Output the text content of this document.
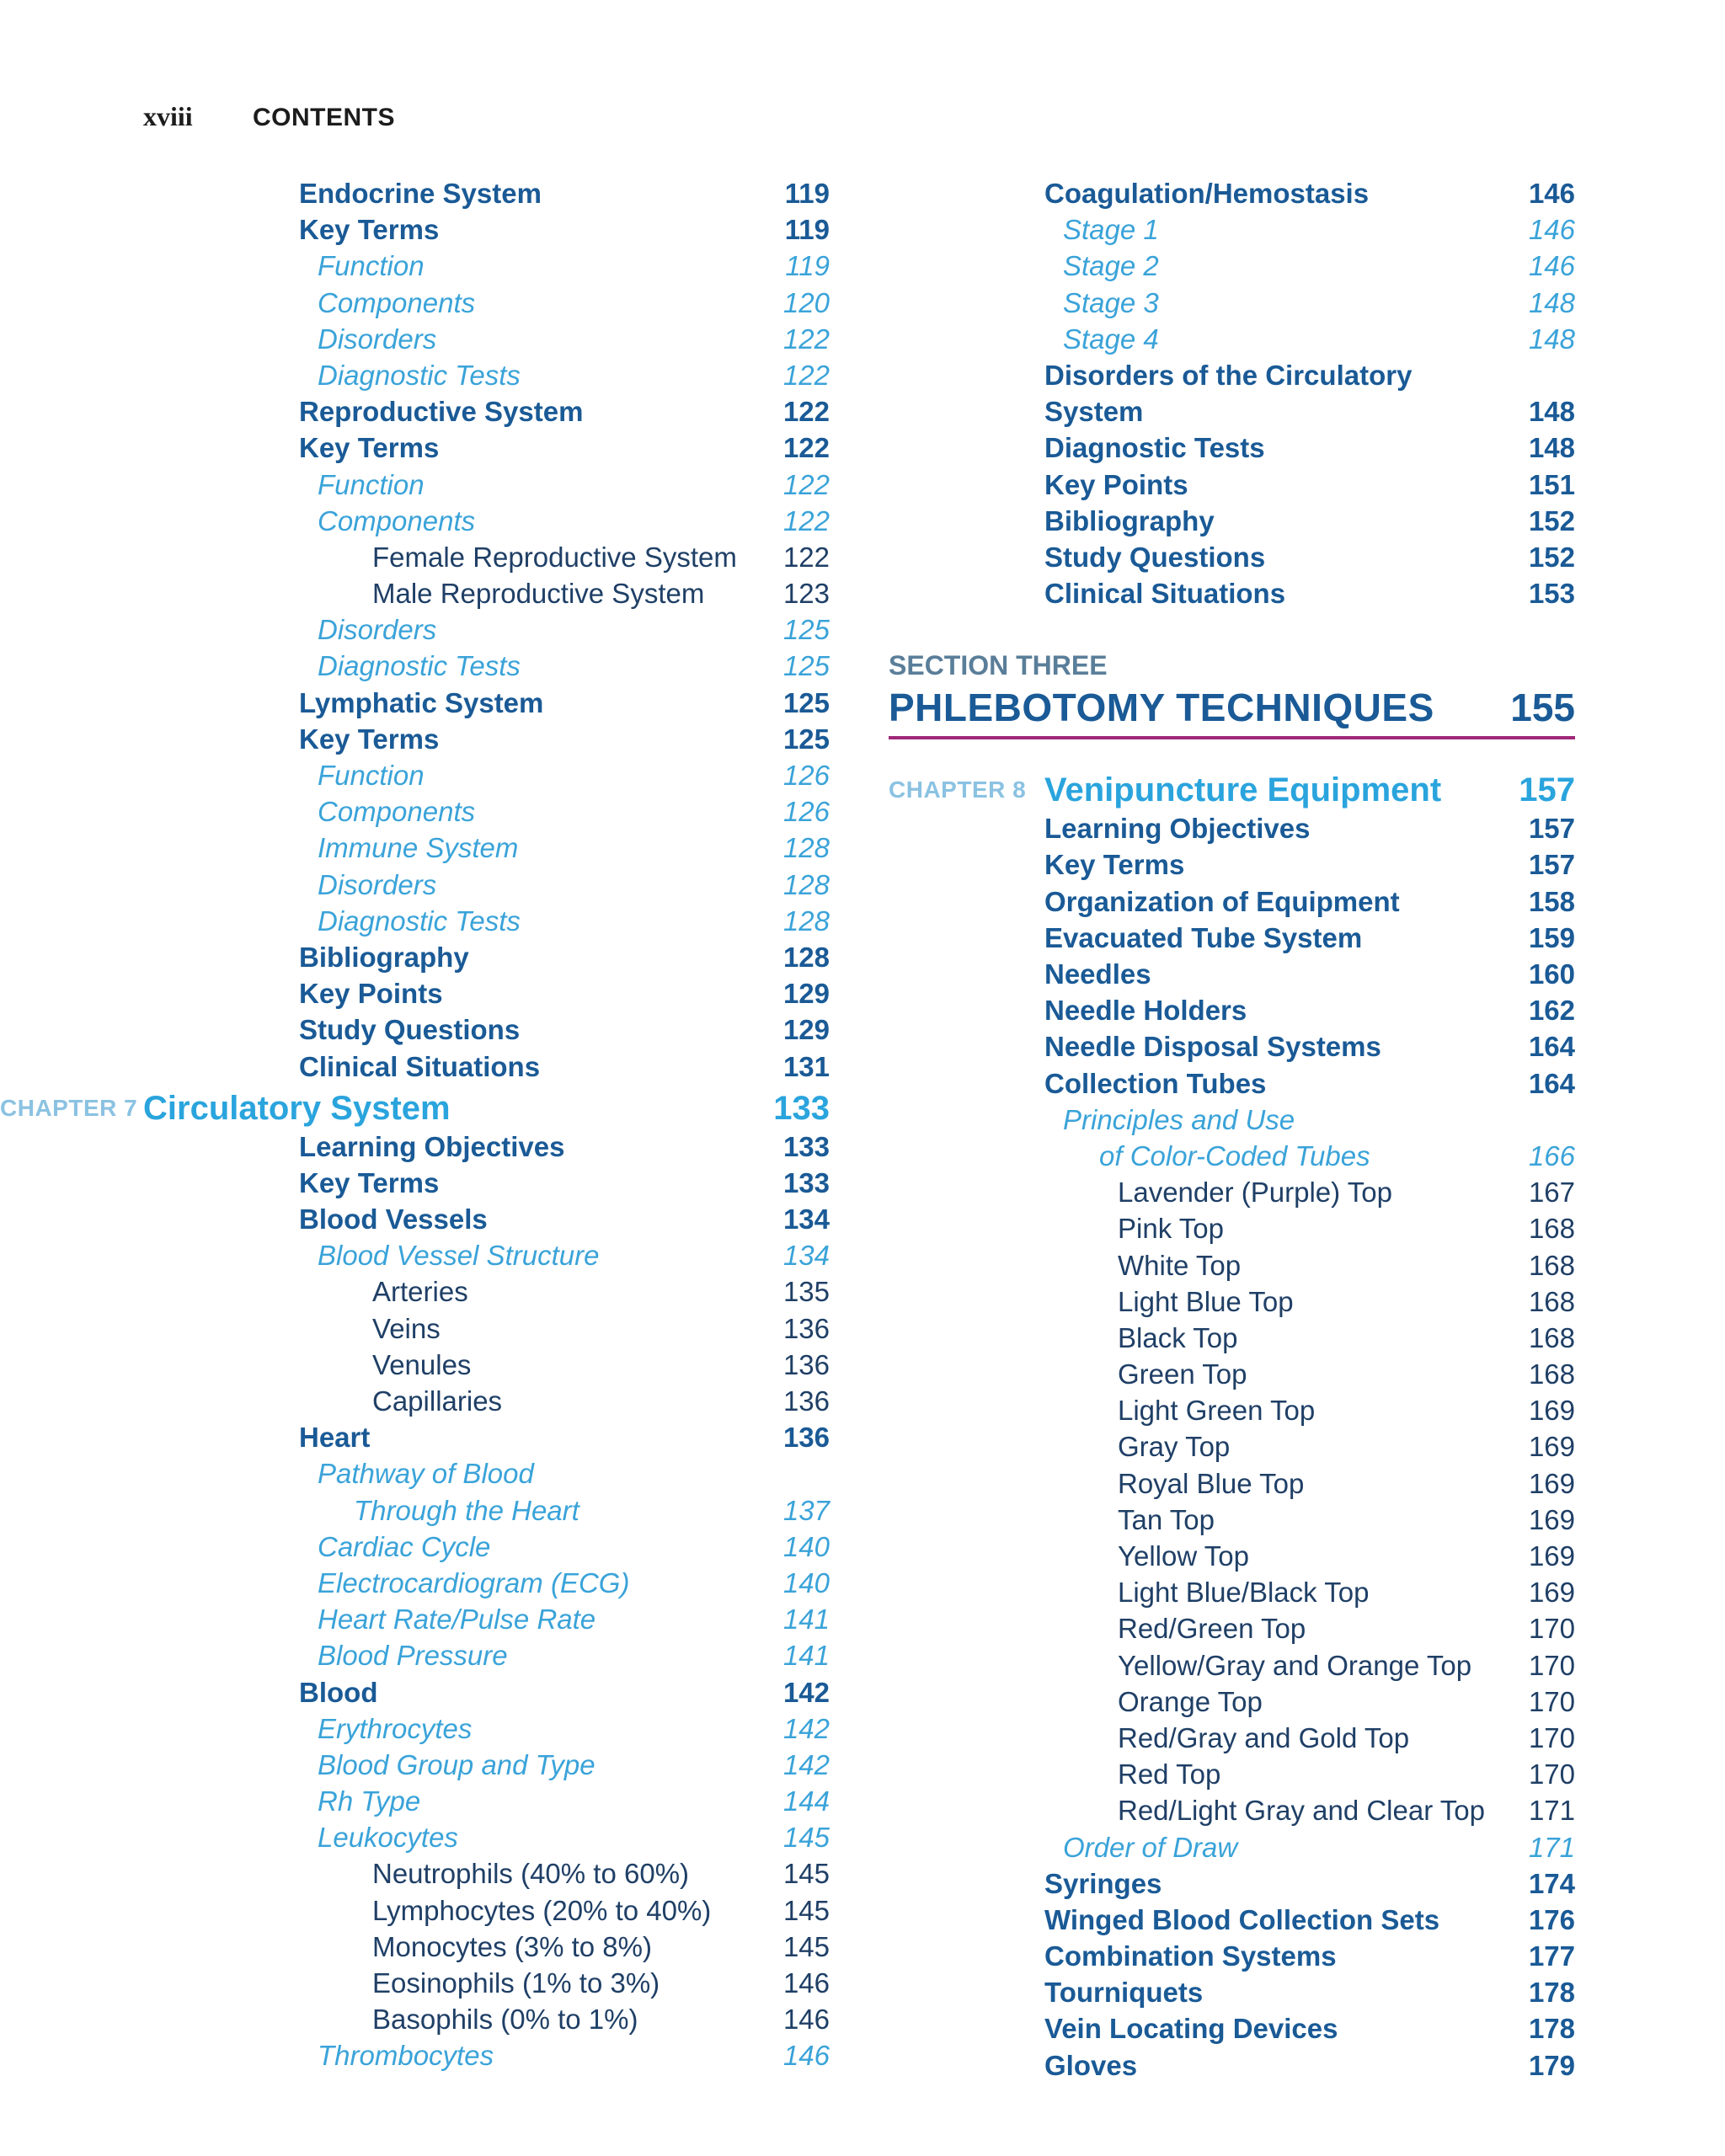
xviii	CONTENTS
Endocrine System	119
Key Terms	119
Function	119
Components	120
Disorders	122
Diagnostic Tests	122
Reproductive System	122
Key Terms	122
Function	122
Components	122
Female Reproductive System 122
Male Reproductive System	123
Disorders	125
Diagnostic Tests	125
Lymphatic System	125
Key Terms	125
Function	126
Components	126
Immune System	128
Disorders	128
Diagnostic Tests	128
Bibliography	128
Key Points	129
Study Questions	129
Clinical Situations	131
CHAPTER 7 Circulatory System	133
Learning Objectives	133
Key Terms	133
Blood Vessels	134
Blood Vessel Structure	134
Arteries	135
Veins	136
Venules	136
Capillaries	136
Heart	136
Pathway of Blood
Through the Heart	137
Cardiac Cycle	140
Electrocardiogram (ECG)	140
Heart Rate/Pulse Rate	141
Blood Pressure	141
Blood	142
Erythrocytes	142
Blood Group and Type	142
Rh Type	144
Leukocytes	145
Neutrophils (40% to 60%)	145
Lymphocytes (20% to 40%)	145
Monocytes (3% to 8%)	145
Eosinophils (1% to 3%)	146
Basophils (0% to 1%)	146
Thrombocytes	146
Coagulation/Hemostasis	146
Stage 1	146
Stage 2	146
Stage 3	148
Stage 4	148
Disorders of the Circulatory
System	148
Diagnostic Tests	148
Key Points	151
Bibliography	152
Study Questions	152
Clinical Situations	153
SECTION THREE
PHLEBOTOMY TECHNIQUES 155
CHAPTER 8 Venipuncture Equipment 157
Learning Objectives	157
Key Terms	157
Organization of Equipment	158
Evacuated Tube System	159
Needles	160
Needle Holders	162
Needle Disposal Systems	164
Collection Tubes	164
Principles and Use
of Color-Coded Tubes	166
Lavender (Purple) Top	167
Pink Top	168
White Top	168
Light Blue Top	168
Black Top	168
Green Top	168
Light Green Top	169
Gray Top	169
Royal Blue Top	169
Tan Top	169
Yellow Top	169
Light Blue/Black Top	169
Red/Green Top	170
Yellow/Gray and Orange Top 170
Orange Top	170
Red/Gray and Gold Top	170
Red Top	170
Red/Light Gray and Clear Top 171
Order of Draw	171
Syringes	174
Winged Blood Collection Sets	176
Combination Systems	177
Tourniquets	178
Vein Locating Devices	178
Gloves	179
